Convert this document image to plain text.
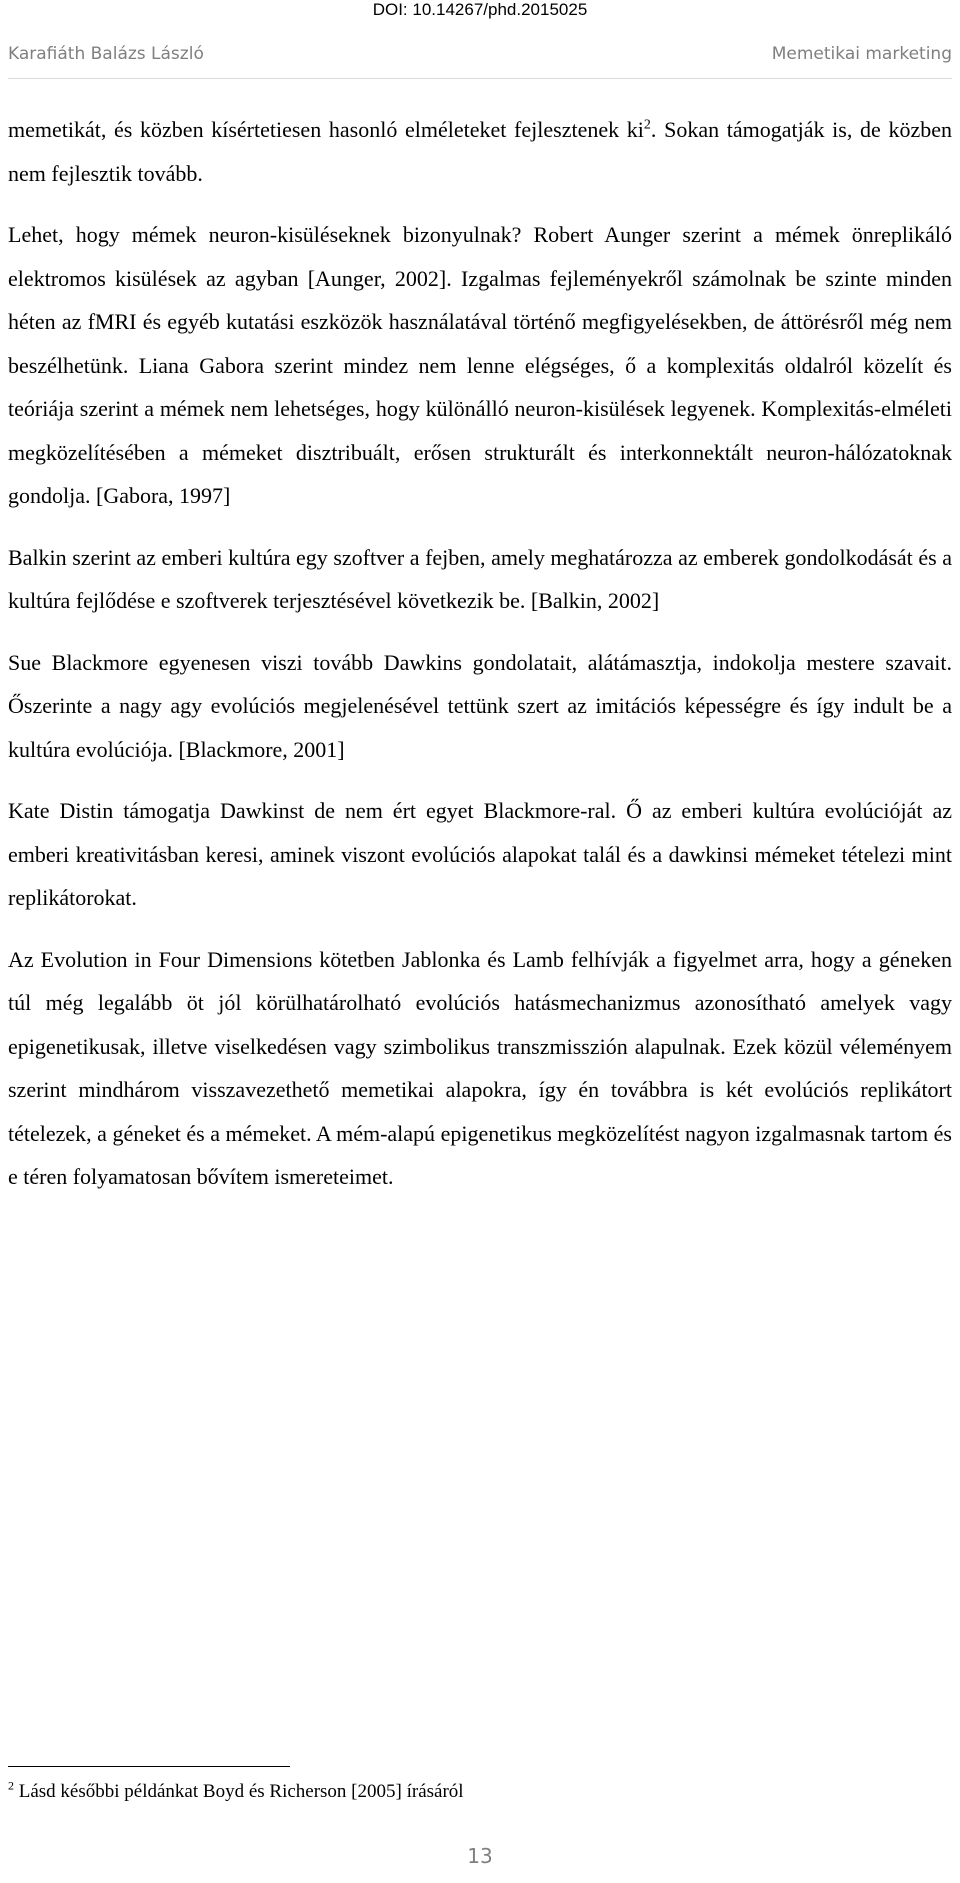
DOI: 10.14267/phd.2015025
Karafiáth Balázs László	Memetikai marketing

memetikát, és közben kísértetiesen hasonló elméleteket fejlesztenek $ki^2$. Sokan támogatják is, de közben nem fejlesztik tovább.

Lehet, hogy mémek neuron-kisüléseknek bizonyulnak? Robert Aunger szerint a mémek önreplikáló elektromos kisülések az agyban [Aunger, 2002]. Izgalmas fejleményekről számolnak be szinte minden héten az fMRI és egyéb kutatási eszközök használatával történő megfigyelésekben, de áttörésről még nem beszélhetünk. Liana Gabora szerint mindez nem lenne elégséges, ő a komplexitás oldalról közelít és teóriája szerint a mémek nem lehetséges, hogy különálló neuron-kisülések legyenek. Komplexitás-elméleti megközelítésében a mémeket disztribuált, erősen strukturált és interkonnektált neuron-hálózatoknak gondolja. [Gabora, 1997]

Balkin szerint az emberi kultúra egy szoftver a fejben, amely meghatározza az emberek gondolkodását és a kultúra fejlődése e szoftverek terjesztésével következik be. [Balkin, 2002]

Sue Blackmore egyenesen viszi tovább Dawkins gondolatait, alátámasztja, indokolja mestere szavait. Őszerinte a nagy agy evolúciós megjelenésével tettünk szert az imitációs képességre és így indult be a kultúra evolúciója. [Blackmore, 2001]

Kate Distin támogatja Dawkinst de nem ért egyet Blackmore-ral. Ő az emberi kultúra evolúcióját az emberi kreativitásban keresi, aminek viszont evolúciós alapokat talál és a dawkinsi mémeket tételezi mint replikátorokat.

Az Evolution in Four Dimensions kötetben Jablonka és Lamb felhívják a figyelmet arra, hogy a géneken túl még legalább öt jól körülhatárolható evolúciós hatásmechanizmus azonosítható amelyek vagy epigenetikusak, illetve viselkedésen vagy szimbolikus transzmisszión alapulnak. Ezek közül véleményem szerint mindhárom visszavezethető memetikai alapokra, így én továbbra is két evolúciós replikátort tételezek, a géneket és a mémeket. A mém-alapú epigenetikus megközelítést nagyon izgalmasnak tartom és e téren folyamatosan bővítem ismereteimet.

$^2$ Lásd későbbi példánkat Boyd és Richerson [2005] írásáról
13
